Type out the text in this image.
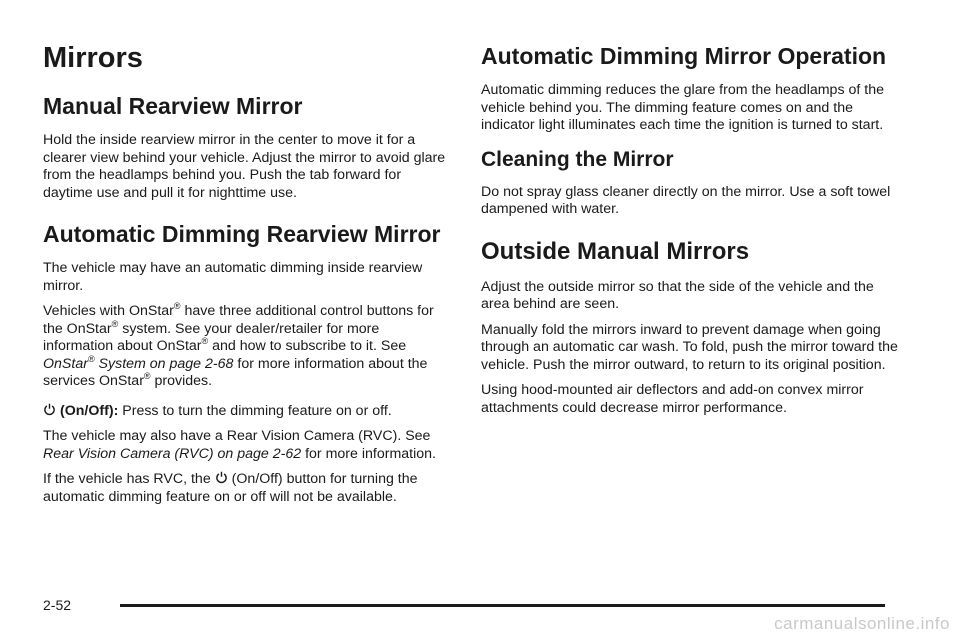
Mirrors
Manual Rearview Mirror

Hold the inside rearview mirror in the center to move it for a clearer view behind your vehicle. Adjust the mirror to avoid glare from the headlamps behind you. Push the tab forward for daytime use and pull it for nighttime use.

Automatic Dimming Rearview Mirror

The vehicle may have an automatic dimming inside rearview mirror.

Vehicles with OnStar® have three additional control buttons for the OnStar® system. See your dealer/retailer for more information about OnStar® and how to subscribe to it. See OnStar® System on page 2-68 for more information about the services OnStar® provides.

(On/Off): Press to turn the dimming feature on or off.

The vehicle may also have a Rear Vision Camera (RVC). See Rear Vision Camera (RVC) on page 2-62 for more information.

If the vehicle has RVC, the (On/Off) button for turning the automatic dimming feature on or off will not be available.

Automatic Dimming Mirror Operation

Automatic dimming reduces the glare from the headlamps of the vehicle behind you. The dimming feature comes on and the indicator light illuminates each time the ignition is turned to start.

Cleaning the Mirror

Do not spray glass cleaner directly on the mirror. Use a soft towel dampened with water.

Outside Manual Mirrors

Adjust the outside mirror so that the side of the vehicle and the area behind are seen.

Manually fold the mirrors inward to prevent damage when going through an automatic car wash. To fold, push the mirror toward the vehicle. Push the mirror outward, to return to its original position.

Using hood-mounted air deflectors and add-on convex mirror attachments could decrease mirror performance.

2-52
carmanualsonline.info
